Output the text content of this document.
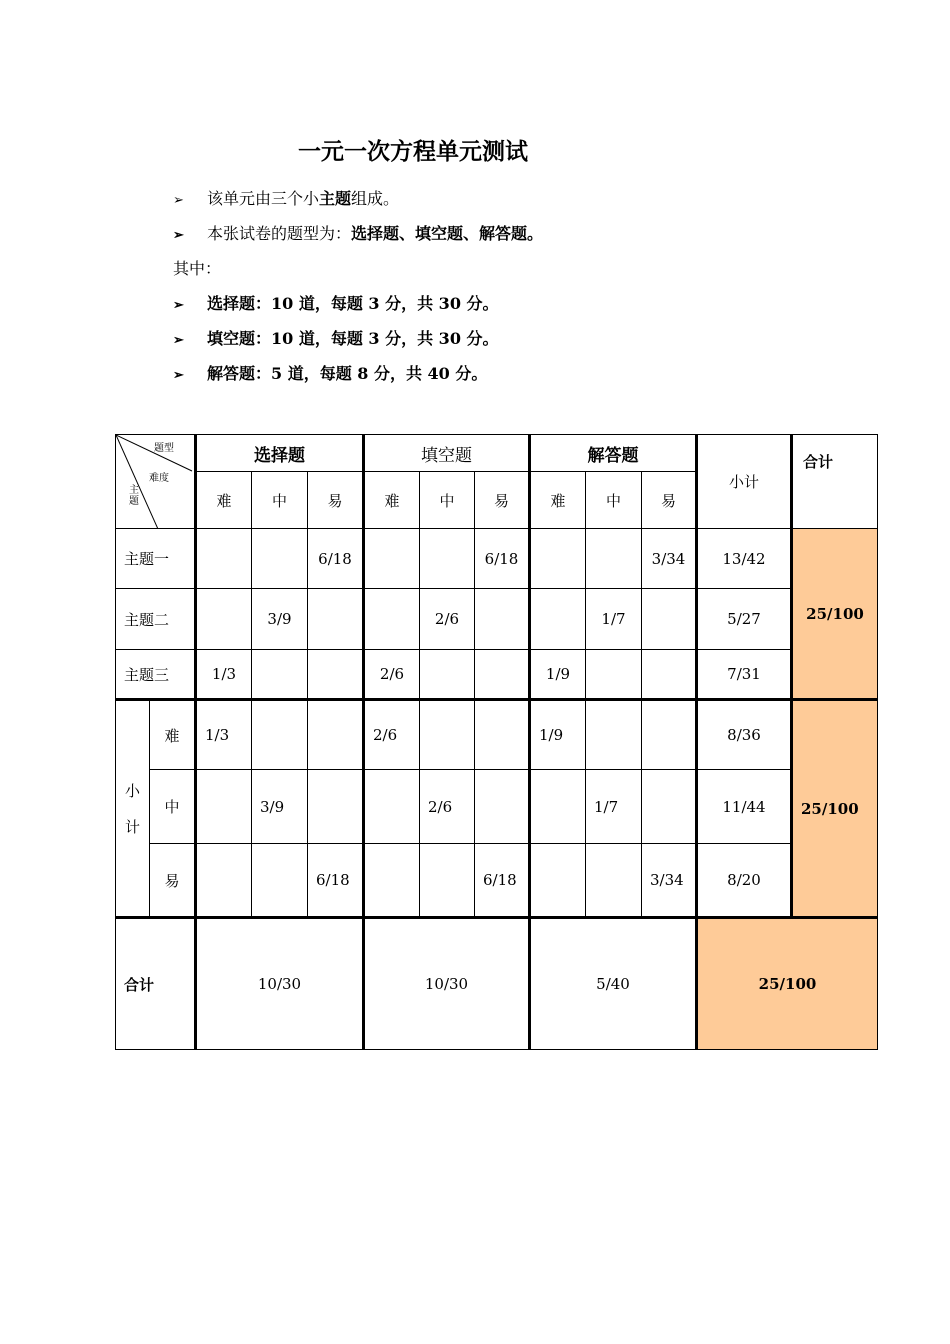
一元一次方程单元测试
➢ 该单元由三个小主题组成。
➢ 本张试卷的题型为：选择题、填空题、解答题。
其中：
➢ 选择题：10 道，每题 3 分，共 30 分。
➢ 填空题：10 道，每题 3 分，共 30 分。
➢ 解答题：5 道，每题 8 分，共 40 分。
题型
难度
主
题		选择题			填空题			解答题			小计	合计
		难	中	易	难	中	易	难	中	易		
主题一				6/18			6/18			3/34	13/42	25/100
主题二			3/9			2/6			1/7		5/27	
主题三		1/3			2/6			1/9			7/31	
小
计	难	1/3			2/6			1/9			8/36	25/100
	中		3/9			2/6			1/7		11/44	
	易			6/18			6/18			3/34	8/20	
合计		10/30			10/30			5/40			25/100	
